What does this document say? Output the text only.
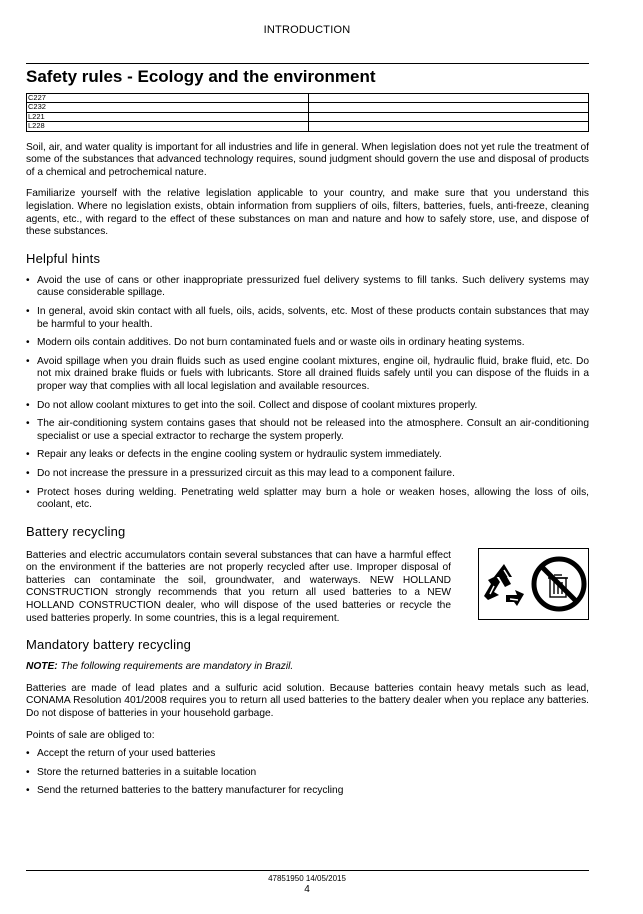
INTRODUCTION
Safety rules - Ecology and the environment
C227	
C232	
L221	
L228	

Soil, air, and water quality is important for all industries and life in general. When legislation does not yet rule the treatment of some of the substances that advanced technology requires, sound judgment should govern the use and disposal of products of a chemical and petrochemical nature.

Familiarize yourself with the relative legislation applicable to your country, and make sure that you understand this legislation. Where no legislation exists, obtain information from suppliers of oils, filters, batteries, fuels, anti-freeze, cleaning agents, etc., with regard to the effect of these substances on man and nature and how to safely store, use, and dispose of these substances.

Helpful hints
• Avoid the use of cans or other inappropriate pressurized fuel delivery systems to fill tanks. Such delivery systems may cause considerable spillage.
• In general, avoid skin contact with all fuels, oils, acids, solvents, etc. Most of these products contain substances that may be harmful to your health.
• Modern oils contain additives. Do not burn contaminated fuels and or waste oils in ordinary heating systems.
• Avoid spillage when you drain fluids such as used engine coolant mixtures, engine oil, hydraulic fluid, brake fluid, etc. Do not mix drained brake fluids or fuels with lubricants. Store all drained fluids safely until you can dispose of the fluids in a proper way that complies with all local legislation and available resources.
• Do not allow coolant mixtures to get into the soil. Collect and dispose of coolant mixtures properly.
• The air-conditioning system contains gases that should not be released into the atmosphere. Consult an air-conditioning specialist or use a special extractor to recharge the system properly.
• Repair any leaks or defects in the engine cooling system or hydraulic system immediately.
• Do not increase the pressure in a pressurized circuit as this may lead to a component failure.
• Protect hoses during welding. Penetrating weld splatter may burn a hole or weaken hoses, allowing the loss of oils, coolant, etc.
Battery recycling

Batteries and electric accumulators contain several substances that can have a harmful effect on the environment if the batteries are not properly recycled after use. Improper disposal of batteries can contaminate the soil, groundwater, and waterways. NEW HOLLAND CONSTRUCTION strongly recommends that you return all used batteries to a NEW HOLLAND CONSTRUCTION dealer, who will dispose of the used batteries or recycle the used batteries properly. In some countries, this is a legal requirement.

Mandatory battery recycling

NOTE: The following requirements are mandatory in Brazil.

Batteries are made of lead plates and a sulfuric acid solution. Because batteries contain heavy metals such as lead, CONAMA Resolution 401/2008 requires you to return all used batteries to the battery dealer when you replace any batteries. Do not dispose of batteries in your household garbage.

Points of sale are obliged to:

• Accept the return of your used batteries
• Store the returned batteries in a suitable location
• Send the returned batteries to the battery manufacturer for recycling
47851950 14/05/2015
4
